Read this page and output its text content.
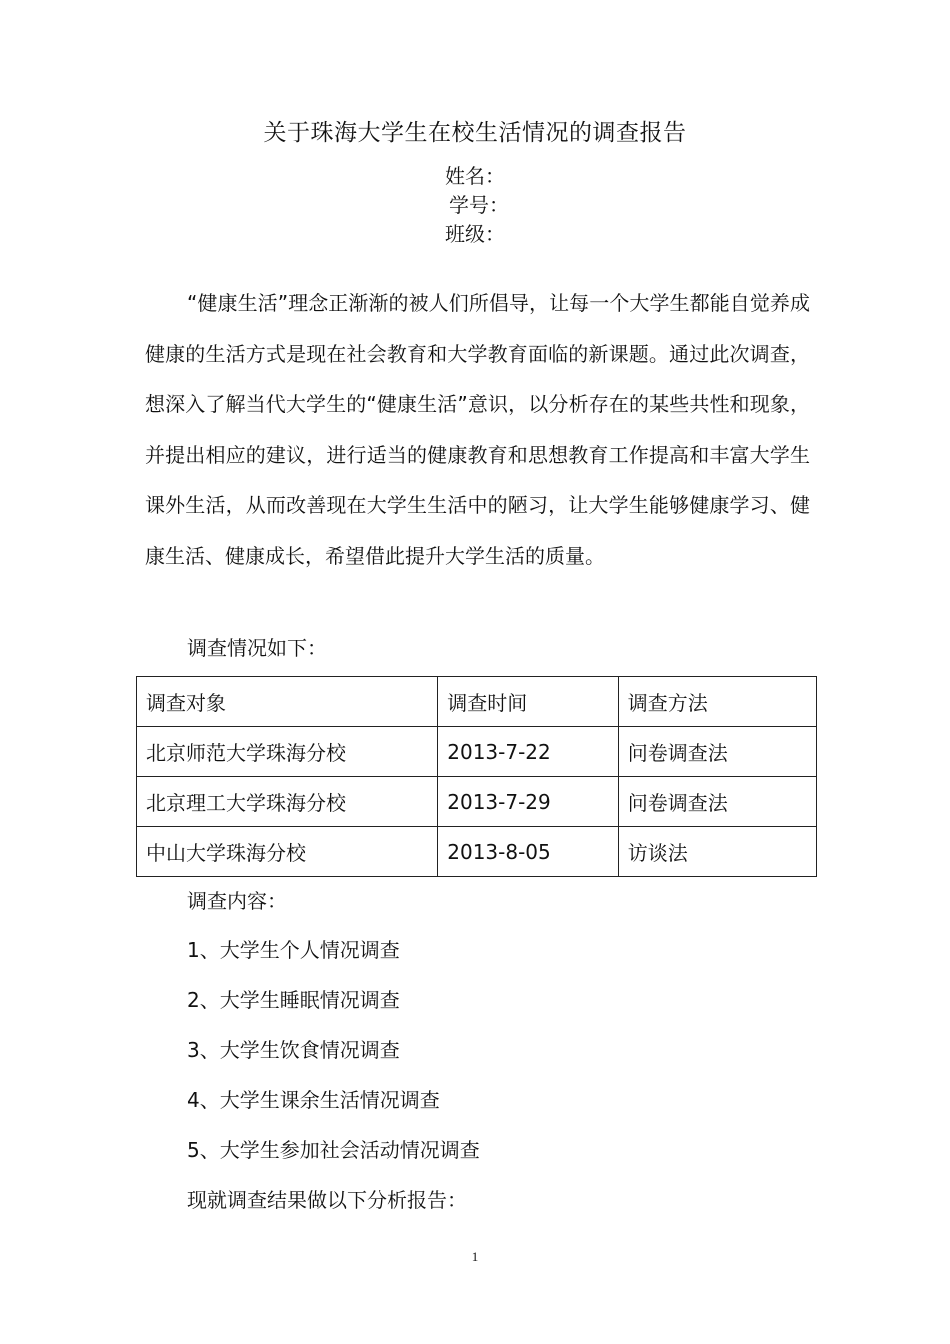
关于珠海大学生在校生活情况的调查报告
姓名：
学号：
班级：

“健康生活”理念正渐渐的被人们所倡导，让每一个大学生都能自觉养成健康的生活方式是现在社会教育和大学教育面临的新课题。通过此次调查，想深入了解当代大学生的“健康生活”意识，以分析存在的某些共性和现象，并提出相应的建议，进行适当的健康教育和思想教育工作提高和丰富大学生课外生活，从而改善现在大学生生活中的陋习，让大学生能够健康学习、健康生活、健康成长，希望借此提升大学生活的质量。

调查情况如下：

调查对象	调查时间	调查方法
北京师范大学珠海分校	2013-7-22	问卷调查法
北京理工大学珠海分校	2013-7-29	问卷调查法
中山大学珠海分校	2013-8-05	访谈法

调查内容：

1、大学生个人情况调查

2、大学生睡眠情况调查

3、大学生饮食情况调查

4、大学生课余生活情况调查

5、大学生参加社会活动情况调查

现就调查结果做以下分析报告：

1
